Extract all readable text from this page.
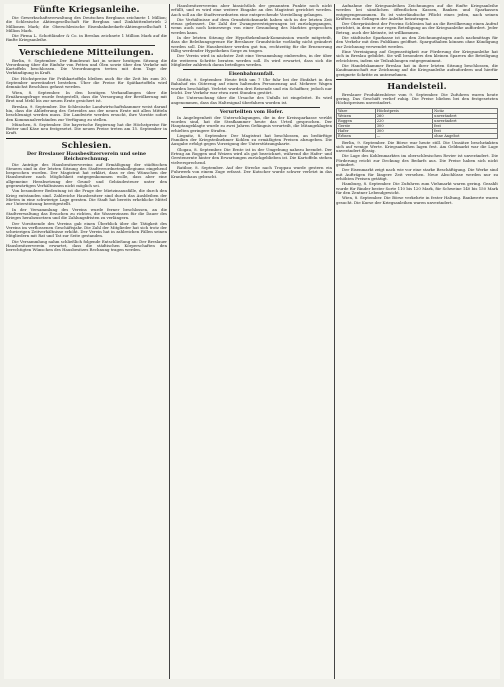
Fünfte Kriegsanleihe.

Die Gewerkschaftsverwaltung des Deutschen Bergbaus zeichnete 1 Million; die Schlesische Aktiengesellschaft für Bergbau und Zinkhüttenbetrieb 2 Millionen Mark; die Oberschlesische Eisenbahnbedarfs-Aktiengesellschaft 1 Million Mark.

Die Firma L. Schottländer & Co. in Breslau zeichnete 1 Million Mark auf die fünfte Kriegsanleihe.

Verschiedene Mitteilungen.

Berlin, 9. September. Der Bundesrat hat in seiner heutigen Sitzung die Verordnung über die Einfuhr von Fetten und Ölen sowie über den Verkehr mit Kartoffeln beschlossen. Die Verordnungen treten mit dem Tage der Verkündigung in Kraft.

Die Höchstpreise für Frühkartoffeln bleiben auch für die Zeit bis zum 30. September unverändert bestehen. Über die Preise für Spätkartoffeln wird demnächst Beschluss gefasst werden.

Wien, 8. September. In den heutigen Verhandlungen über die Ernährungsfrage wurde festgestellt, dass die Versorgung der Bevölkerung mit Brot und Mehl bis zur neuen Ernte gesichert ist.

Breslau, 9. September. Die Schlesische Landwirtschaftskammer weist darauf hin, dass die Ablieferung des Getreides aus der neuen Ernte mit allen Mitteln beschleunigt werden muss. Die Landwirte werden ersucht, ihre Vorräte sofort den Kommunalverbänden zur Verfügung zu stellen.

München, 8. September. Die bayerische Regierung hat die Höchstpreise für Butter und Käse neu festgesetzt. Die neuen Preise treten am 15. September in Kraft.

Schlesien.
Der Breslauer Hausbesitzerverein und seine Reichsrechnung.

Die Anträge des Hausbesitzervereins auf Ermäßigung der städtischen Steuern sind in der letzten Sitzung des Stadtverordnetenkollegiums eingehend besprochen worden. Der Magistrat hat erklärt, dass er den Wünschen der Hausbesitzer nach Möglichkeit entgegenkommen wolle, dass aber eine allgemeine Herabsetzung der Grund- und Gebäudesteuer unter den gegenwärtigen Verhältnissen nicht möglich sei.

Von besonderer Bedeutung ist die Frage der Mietzinsausfälle, die durch den Krieg entstanden sind. Zahlreiche Hausbesitzer sind durch das Ausbleiben der Mieten in eine schwierige Lage geraten. Die Stadt hat bereits erhebliche Mittel zur Unterstützung bereitgestellt.

In der Versammlung des Vereins wurde ferner beschlossen, an die Stadtverwaltung das Ersuchen zu richten, die Wasserzinsen für die Dauer des Krieges herabzusetzen und die Zahlungsfristen zu verlängern.

Der Vorsitzende des Vereins gab einen Überblick über die Tätigkeit des Vereins im verflossenen Geschäftsjahr. Die Zahl der Mitglieder hat sich trotz der schwierigen Zeitverhältnisse erhöht. Der Verein hat in zahlreichen Fällen seinen Mitgliedern mit Rat und Tat zur Seite gestanden.

Die Versammlung nahm schließlich folgende Entschließung an: Der Breslauer Hausbesitzerverein erwartet, dass die städtischen Körperschaften den berechtigten Wünschen des Hausbesitzes Rechnung tragen werden.

Hausbesitzervereins aber hinsichtlich der genannten Punkte noch nicht erfüllt, und es wird eine weitere Eingabe an den Magistrat gerichtet werden. Auch soll an die Stadtverordneten eine entsprechende Vorstellung gelangen.

Die Verhältnisse auf dem Grundstücksmarkt haben sich in der letzten Zeit etwas gebessert. Die Zahl der Zwangsversteigerungen ist zurückgegangen, wenn auch noch keineswegs von einer Gesundung des Marktes gesprochen werden kann.

In der letzten Sitzung der Hypothekenbank-Kommission wurde mitgeteilt, dass die Beleihungsgrenze für Breslauer Grundstücke vorläufig nicht geändert werden soll. Die Hausbesitzer werden gut tun, rechtzeitig für die Erneuerung fällig werdender Hypotheken Sorge zu tragen.

Der Verein wird in nächster Zeit eine Versammlung einberufen, in der über die weiteren Schritte beraten werden soll. Es wird erwartet, dass sich die Mitglieder zahlreich daran beteiligen werden.

Eisenbahnunfall.

Görlitz, 9. September. Heute früh um 7 Uhr fuhr bei der Einfahrt in den Bahnhof ein Güterzug auf einen haltenden Personenzug auf. Mehrere Wagen wurden beschädigt. Verletzt wurden drei Reisende und ein Schaffner, jedoch nur leicht. Der Verkehr war etwa zwei Stunden gestört.

Die Untersuchung über die Ursache des Unfalls ist eingeleitet. Es wird angenommen, dass das Haltesignal überfahren worden ist.

Verurteilten vom Hofer.

In Angelegenheit der Unterschlagungen, die in der Kreissparkasse verübt worden sind, hat die Strafkammer heute das Urteil gesprochen. Der Hauptangeklagte wurde zu zwei Jahren Gefängnis verurteilt, die Mitangeklagten erhielten geringere Strafen.

Liegnitz, 8. September. Der Magistrat hat beschlossen, an bedürftige Familien der Kriegsteilnehmer Kohlen zu ermäßigten Preisen abzugeben. Die Ausgabe erfolgt gegen Vorzeigung der Unterstützungskarte.

Glogau, 8. September. Die Ernte ist in der Umgebung nahezu beendet. Der Ertrag an Roggen und Weizen wird als gut bezeichnet, während die Hafer- und Gerstenernte hinter den Erwartungen zurückgeblieben ist. Die Kartoffeln stehen vielversprechend.

Ratibor, 8. September. Auf der Strecke nach Troppau wurde gestern ein Fuhrwerk von einem Zuge erfasst. Der Kutscher wurde schwer verletzt in das Krankenhaus gebracht.

Aufnahme der Kriegsanleihen Zeichnungen auf die fünfte Kriegsanleihe werden bei sämtlichen öffentlichen Kassen, Banken und Sparkassen entgegengenommen. Es ist vaterländische Pflicht eines jeden, nach seinen Kräften zum Gelingen der Anleihe beizutragen.

Der Oberpräsident der Provinz Schlesien hat an die Bevölkerung einen Aufruf gerichtet, in dem er zur regen Beteiligung an der Kriegsanleihe auffordert. Jeder Betrag, auch der kleinste, ist willkommen.

Die städtische Sparkasse ist an den Zeichnungstagen auch nachmittags für den Verkehr mit dem Publikum geöffnet. Sparguthaben können ohne Kündigung zur Zeichnung verwendet werden.

Eine Vereinigung auf Gegenseitigkeit zur Förderung der Kriegsanleihe hat sich in Breslau gebildet. Sie will besonders den kleinen Sparern die Beteiligung erleichtern, indem sie Teilzahlungen entgegennimmt.

Die Handelskammer Breslau hat in ihrer letzten Sitzung beschlossen, die Kaufmannschaft zur Zeichnung auf die Kriegsanleihe aufzufordern und hierfür geeignete Schritte zu unternehmen.

Handelsteil.

Breslauer Produktenbörse vom 9. September. Die Zufuhren waren heute gering. Das Geschäft verlief ruhig. Die Preise blieben bei den festgesetzten Höchstpreisen unverändert.

Ware	Höchstpreis	Notiz
Weizen	260	unverändert
Roggen	220	unverändert
Gerste	300	fest
Hafer	300	fest
Erbsen	—	ohne Angebot

Berlin, 9. September. Die Börse war heute still. Die Umsätze beschränkten sich auf wenige Werte. Kriegsanleihen lagen fest. Am Geldmarkt war die Lage unverändert flüssig.

Die Lage des Kohlenmarktes im oberschlesischen Revier ist unverändert. Die Förderung reicht zur Deckung des Bedarfs aus. Die Preise haben sich nicht geändert.

Der Eisenmarkt zeigt nach wie vor eine starke Beschäftigung. Die Werke sind mit Aufträgen für längere Zeit versehen. Neue Abschlüsse werden nur zu erhöhten Preisen getätigt.

Hamburg, 8. September. Die Zufuhren zum Viehmarkt waren gering. Gezahlt wurde für Rinder bester Sorte 110 bis 120 Mark, für Schweine 140 bis 150 Mark für den Zentner Lebendgewicht.

Wien, 8. September. Die Börse verkehrte in fester Haltung. Bankwerte waren gesucht. Die Kurse der Kriegsanleihen waren unverändert.
